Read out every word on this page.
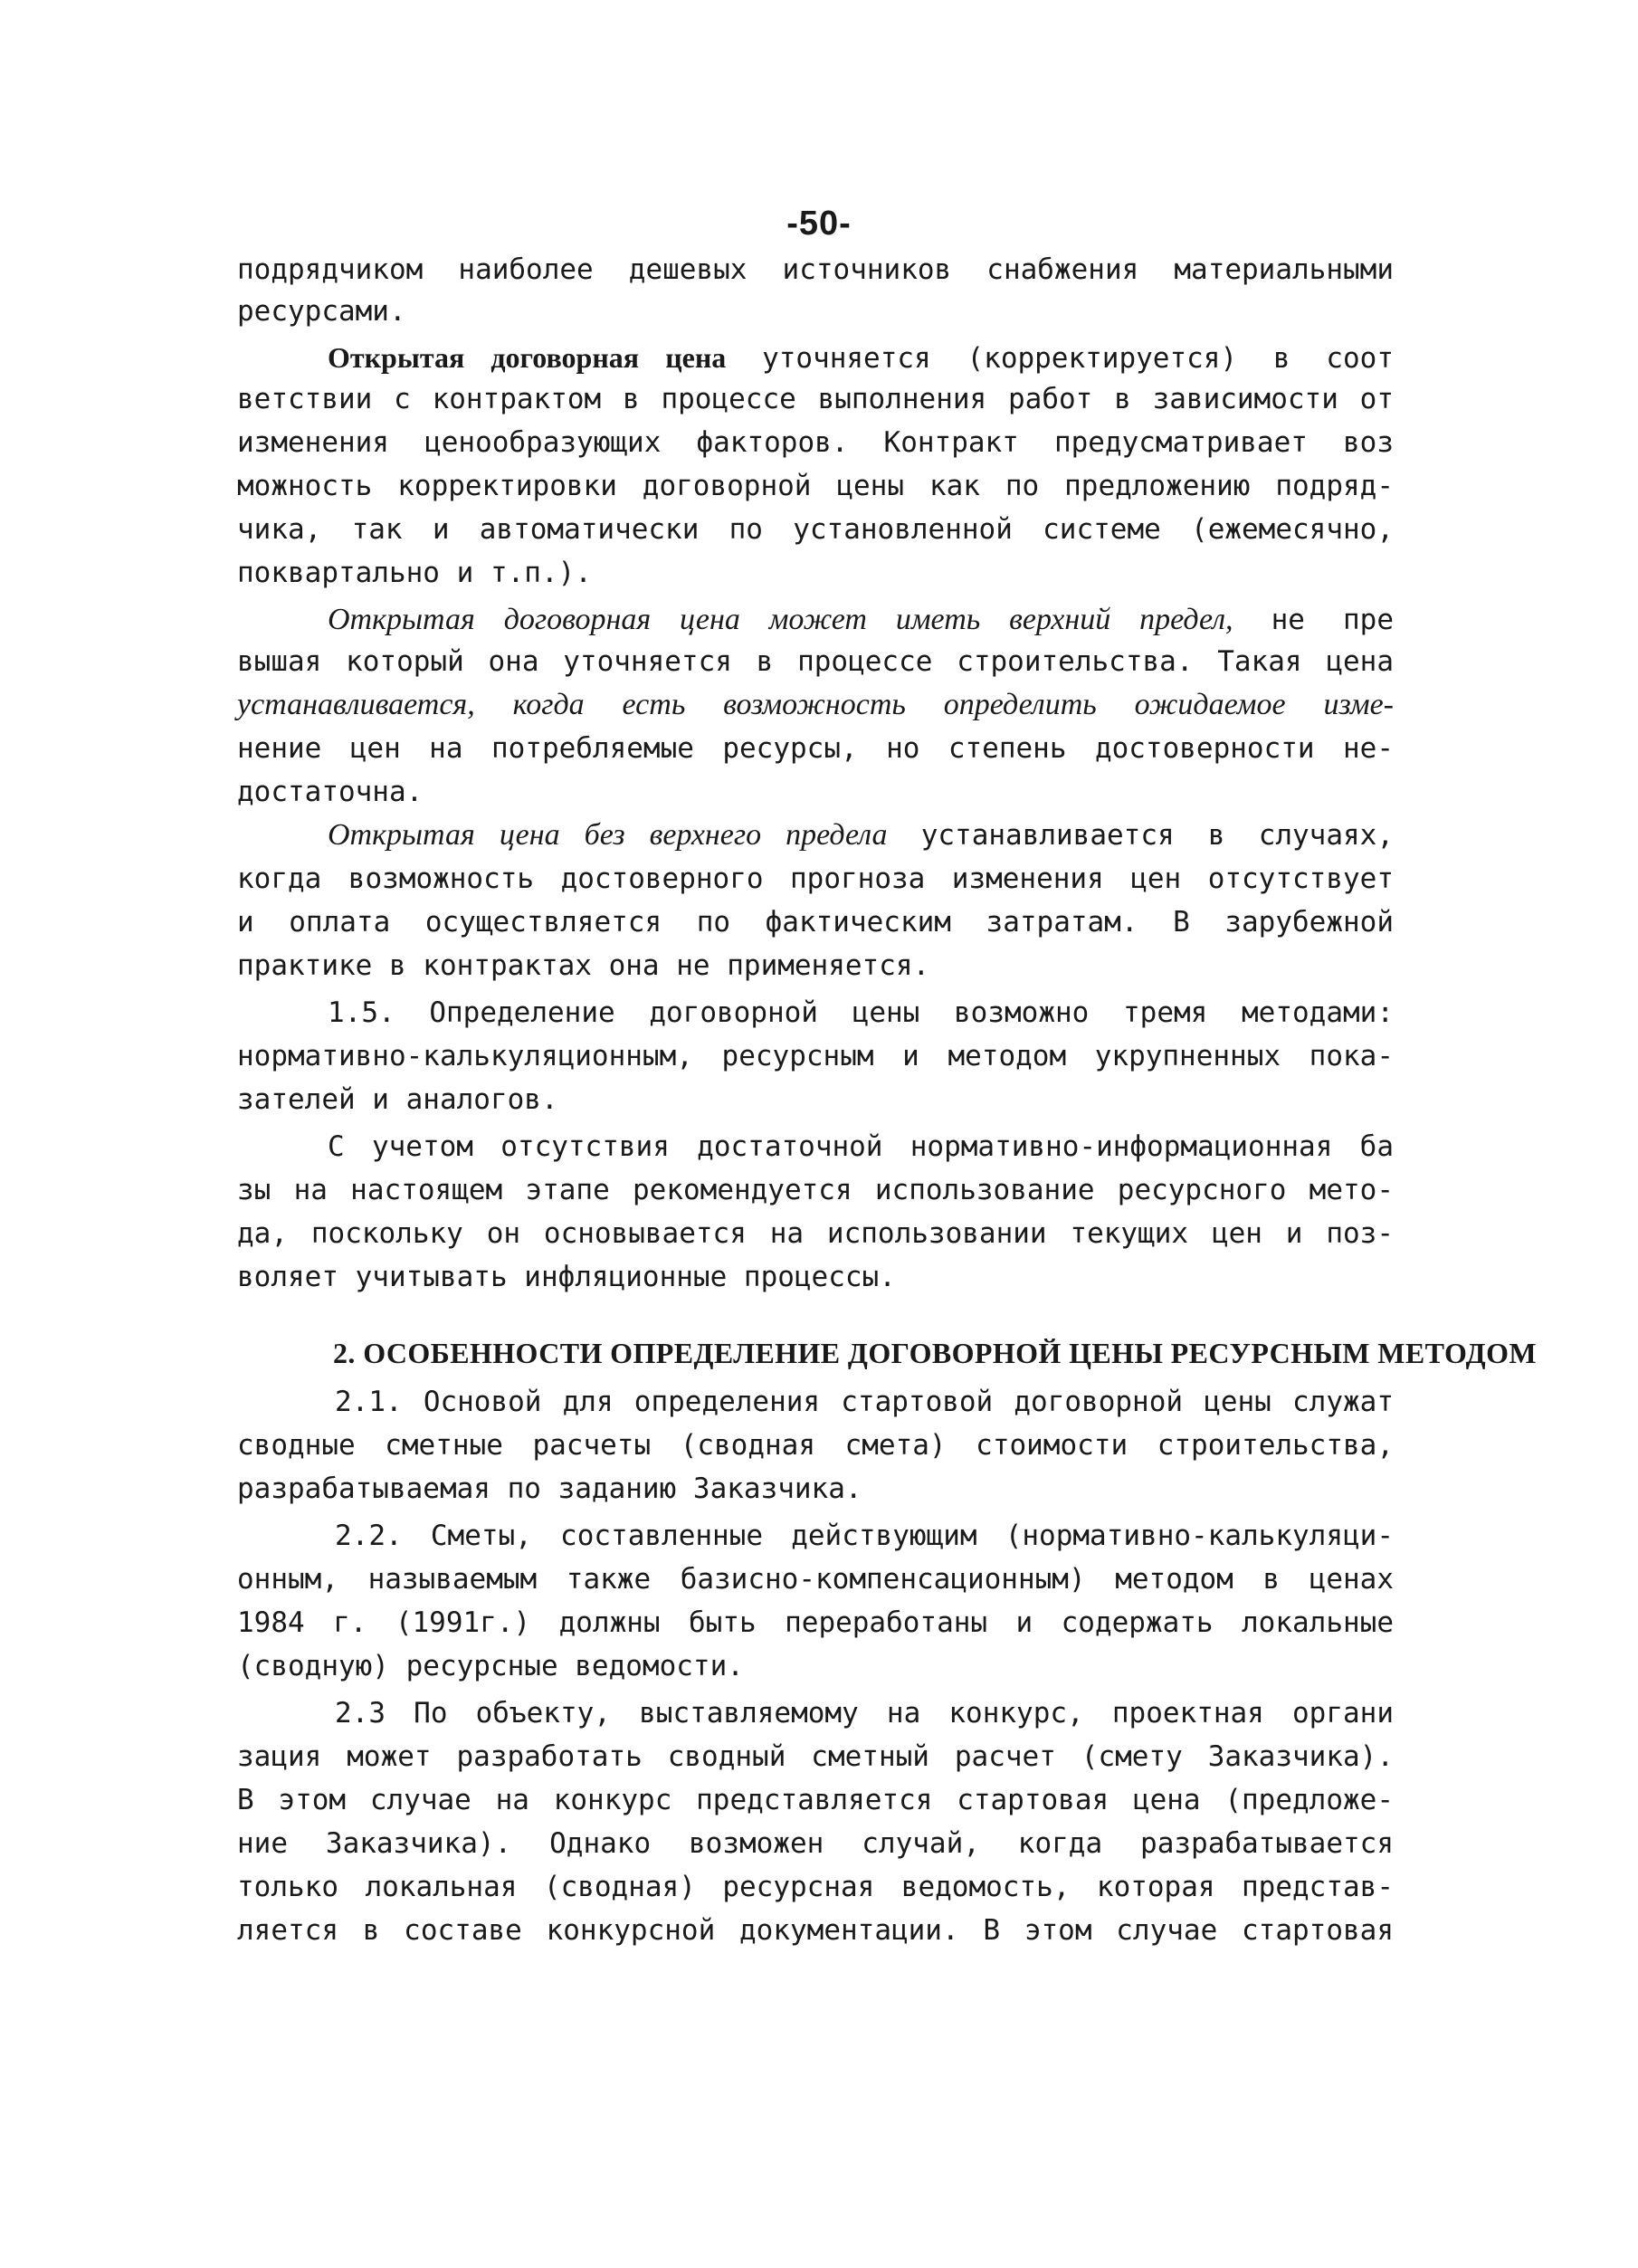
-50-
подрядчиком наиболее дешевых источников снабжения материальными
ресурсами.
Открытая договорная цена уточняется (корректируется) в соот
ветствии с контрактом в процессе выполнения работ в зависимости от
изменения ценообразующих факторов. Контракт предусматривает воз
можность корректировки договорной цены как по предложению подряд-
чика, так и автоматически по установленной системе (ежемесячно,
поквартально и т.п.).
Открытая договорная цена может иметь верхний предел, не пре
вышая который она уточняется в процессе строительства. Такая цена
устанавливается, когда есть возможность определить ожидаемое изме-
нение цен на потребляемые ресурсы, но степень достоверности не-
достаточна.
Открытая цена без верхнего предела устанавливается в случаях,
когда возможность достоверного прогноза изменения цен отсутствует
и оплата осуществляется по фактическим затратам. В зарубежной
практике в контрактах она не применяется.
1.5. Определение договорной цены возможно тремя методами:
нормативно-калькуляционным, ресурсным и методом укрупненных пока-
зателей и аналогов.
С учетом отсутствия достаточной нормативно-информационная ба
зы на настоящем этапе рекомендуется использование ресурсного мето-
да, поскольку он основывается на использовании текущих цен и поз-
воляет учитывать инфляционные процессы.
2. ОСОБЕННОСТИ ОПРЕДЕЛЕНИЕ ДОГОВОРНОЙ ЦЕНЫ РЕСУРСНЫМ МЕТОДОМ
2.1. Основой для определения стартовой договорной цены служат
сводные сметные расчеты (сводная смета) стоимости строительства,
разрабатываемая по заданию Заказчика.
2.2. Сметы, составленные действующим (нормативно-калькуляци-
онным, называемым также базисно-компенсационным) методом в ценах
1984 г. (1991г.) должны быть переработаны и содержать локальные
(сводную) ресурсные ведомости.
2.3 По объекту, выставляемому на конкурс, проектная органи
зация может разработать сводный сметный расчет (смету Заказчика).
В этом случае на конкурс представляется стартовая цена (предложе-
ние Заказчика). Однако возможен случай, когда разрабатывается
только локальная (сводная) ресурсная ведомость, которая представ-
ляется в составе конкурсной документации. В этом случае стартовая
